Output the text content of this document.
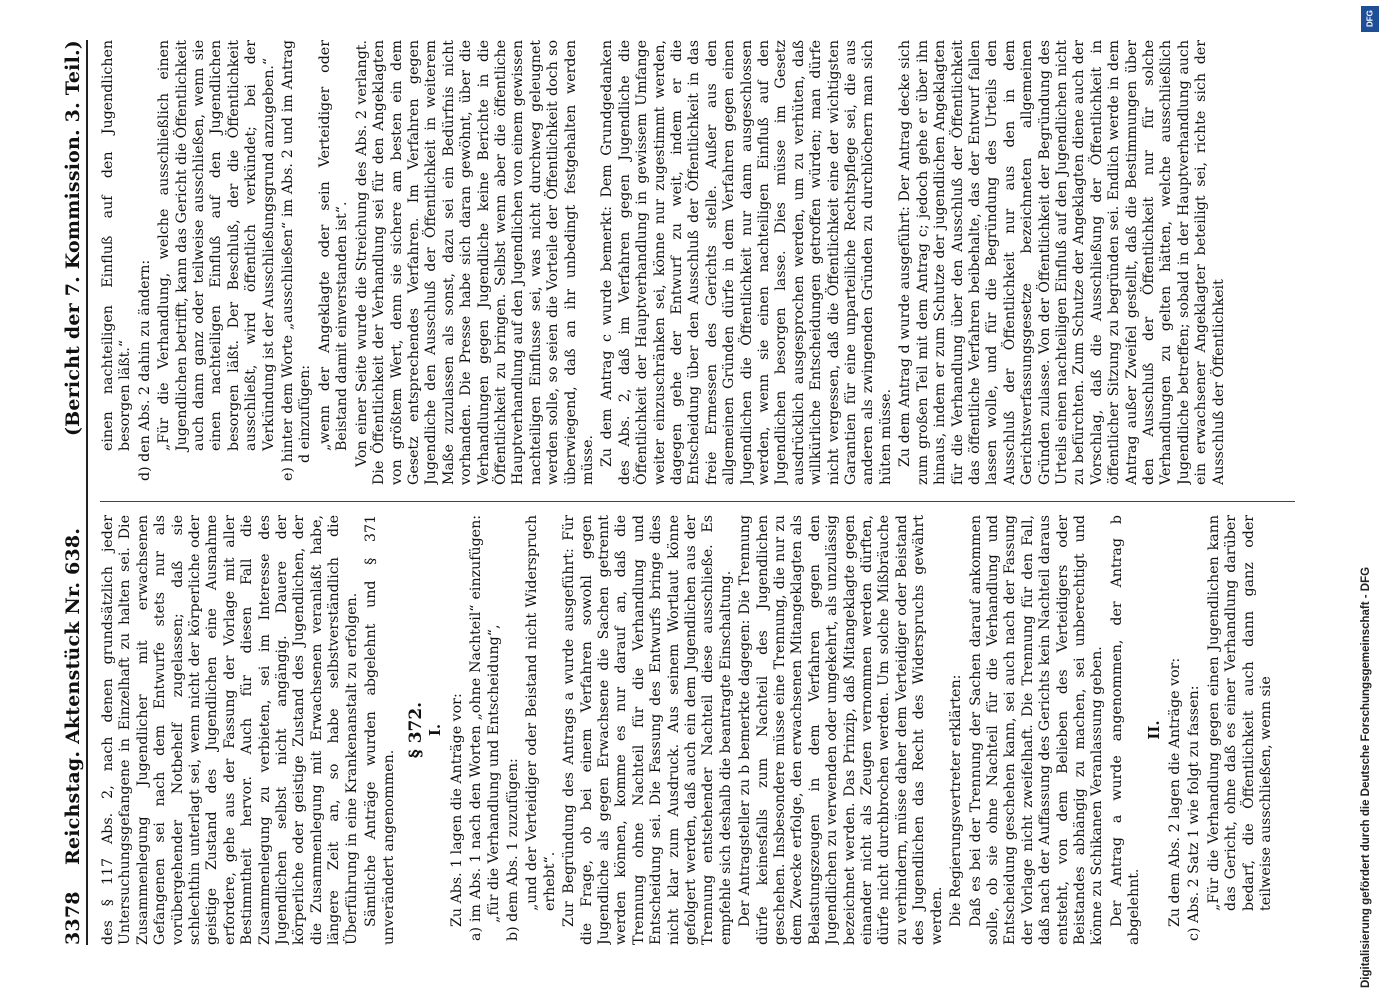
3378
Reichstag. Aktenstück Nr. 638.
(Bericht der 7. Kommission. 3. Teil.)

des § 117 Abs. 2, nach denen grundsätzlich jeder Untersuchungsgefangene in Einzelhaft zu halten sei. Die Zusammenlegung Jugendlicher mit erwachsenen Gefangenen sei nach dem Entwurfe stets nur als vorübergehender Notbehelf zugelassen; daß sie schlechthin unterlagt sei, wenn nicht der körperliche oder geistige Zustand des Jugendlichen eine Ausnahme erfordere, gehe aus der Fassung der Vorlage mit aller Bestimmtheit hervor. Auch für diesen Fall die Zusammenlegung zu verbieten, sei im Interesse des Jugendlichen selbst nicht angängig. Dauere der körperliche oder geistige Zustand des Jugendlichen, der die Zusammenlegung mit Erwachsenen veranlaßt habe, längere Zeit an, so habe selbstverständlich die Überführung in eine Krankenanstalt zu erfolgen. Sämtliche Anträge wurden abgelehnt und § 371 unverändert angenommen.

§ 372. I. Zu Abs. 1 lagen die Anträge vor: a) im Abs. 1 nach den Worten „ohne Nachteil“ einzufügen: „für die Verhandlung und Entscheidung“, b) dem Abs. 1 zuzufügen: „und der Verteidiger oder Beistand nicht Widerspruch erhebt“. Zur Begründung des Antrags a wurde ausgeführt: Für die Frage, ob bei einem Verfahren sowohl gegen Jugendliche als gegen Erwachsene die Sachen getrennt werden können, komme es nur darauf an, daß die Trennung ohne Nachteil für die Verhandlung und Entscheidung sei. Die Fassung des Entwurfs bringe dies nicht klar zum Ausdruck. Aus seinem Wortlaut könne gefolgert werden, daß auch ein dem Jugendlichen aus der Trennung entstehender Nachteil diese ausschließe. Es empfehle sich deshalb die beantragte Einschaltung. Der Antragsteller zu b bemerkte dagegen: Die Trennung dürfe keinesfalls zum Nachteil des Jugendlichen geschehen. Insbesondere müsse eine Trennung, die nur zu dem Zwecke erfolge, den erwachsenen Mitangeklagten als Belastungszeugen in dem Verfahren gegen den Jugendlichen zu verwenden oder umgekehrt, als unzulässig bezeichnet werden. Das Prinzip, daß Mitangeklagte gegen einander nicht als Zeugen vernommen werden dürften, dürfe nicht durchbrochen werden. Um solche Mißbräuche zu verhindern, müsse daher dem Verteidiger oder Beistand des Jugendlichen das Recht des Widerspruchs gewährt werden. Die Regierungsvertreter erklärten: Daß es bei der Trennung der Sachen darauf ankommen solle, ob sie ohne Nachteil für die Verhandlung und Entscheidung geschehen kann, sei auch nach der Fassung der Vorlage nicht zweifelhaft. Die Trennung für den Fall, daß nach der Auffassung des Gerichts kein Nachteil daraus entsteht, von dem Belieben des Verteidigers oder Beistandes abhängig zu machen, sei unberechtigt und könne zu Schikanen Veranlassung geben. Der Antrag a wurde angenommen, der Antrag b abgelehnt.

II. Zu dem Abs. 2 lagen die Anträge vor: c) Abs. 2 Satz 1 wie folgt zu fassen: „Für die Verhandlung gegen einen Jugendlichen kann das Gericht, ohne daß es einer Verhandlung darüber bedarf, die Öffentlichkeit auch dann ganz oder teilweise ausschließen, wenn sie

einen nachteiligen Einfluß auf den Jugendlichen besorgen läßt.“ d) den Abs. 2 dahin zu ändern: „Für die Verhandlung, welche ausschließlich einen Jugendlichen betrifft, kann das Gericht die Öffentlichkeit auch dann ganz oder teilweise ausschließen, wenn sie einen nachteiligen Einfluß auf den Jugendlichen besorgen läßt. Der Beschluß, der die Öffentlichkeit ausschließt, wird öffentlich verkündet; bei der Verkündung ist der Ausschließungsgrund anzugeben.“ e) hinter dem Worte „ausschließen“ im Abs. 2 und im Antrag d einzufügen: „wenn der Angeklagte oder sein Verteidiger oder Beistand damit einverstanden ist“. Von einer Seite wurde die Streichung des Abs. 2 verlangt. Die Öffentlichkeit der Verhandlung sei für den Angeklagten von größtem Wert, denn sie sichere am besten ein dem Gesetz entsprechendes Verfahren. Im Verfahren gegen Jugendliche den Ausschluß der Öffentlichkeit in weiterem Maße zuzulassen als sonst, dazu sei ein Bedürfnis nicht vorhanden. Die Presse habe sich daran gewöhnt, über die Verhandlungen gegen Jugendliche keine Berichte in die Öffentlichkeit zu bringen. Selbst wenn aber die öffentliche Hauptverhandlung auf den Jugendlichen von einem gewissen nachteiligen Einflusse sei, was nicht durchweg geleugnet werden solle, so seien die Vorteile der Öffentlichkeit doch so überwiegend, daß an ihr unbedingt festgehalten werden müsse. Zu dem Antrag c wurde bemerkt: Dem Grundgedanken des Abs. 2, daß im Verfahren gegen Jugendliche die Öffentlichkeit der Hauptverhandlung in gewissem Umfange weiter einzuschränken sei, könne nur zugestimmt werden, dagegen gehe der Entwurf zu weit, indem er die Entscheidung über den Ausschluß der Öffentlichkeit in das freie Ermessen des Gerichts stelle. Außer aus den allgemeinen Gründen dürfe in dem Verfahren gegen einen Jugendlichen die Öffentlichkeit nur dann ausgeschlossen werden, wenn sie einen nachteiligen Einfluß auf den Jugendlichen besorgen lasse. Dies müsse im Gesetz ausdrücklich ausgesprochen werden, um zu verhüten, daß willkürliche Entscheidungen getroffen würden; man dürfe nicht vergessen, daß die Öffentlichkeit eine der wichtigsten Garantien für eine unparteiliche Rechtspflege sei, die aus anderen als zwingenden Gründen zu durchlöchern man sich hüten müsse. Zu dem Antrag d wurde ausgeführt: Der Antrag decke sich zum großen Teil mit dem Antrag c; jedoch gehe er über ihn hinaus, indem er zum Schutze der jugendlichen Angeklagten für die Verhandlung über den Ausschluß der Öffentlichkeit das öffentliche Verfahren beibehalte, das der Entwurf fallen lassen wolle, und für die Begründung des Urteils den Ausschluß der Öffentlichkeit nur aus den in dem Gerichtsverfassungsgesetze bezeichneten allgemeinen Gründen zulasse. Von der Öffentlichkeit der Begründung des Urteils einen nachteiligen Einfluß auf den Jugendlichen nicht zu befürchten. Zum Schutze der Angeklagten diene auch der Vorschlag, daß die Ausschließung der Öffentlichkeit in öffentlicher Sitzung zu begründen sei. Endlich werde in dem Antrag außer Zweifel gestellt, daß die Bestimmungen über den Ausschluß der Öffentlichkeit nur für solche Verhandlungen zu gelten hätten, welche ausschließlich Jugendliche betreffen; sobald in der Hauptverhandlung auch ein erwachsener Angeklagter beteiligt sei, richte sich der Ausschluß der Öffentlichkeit

Digitalisierung gefördert durch die Deutsche Forschungsgemeinschaft - DFG
DFG
